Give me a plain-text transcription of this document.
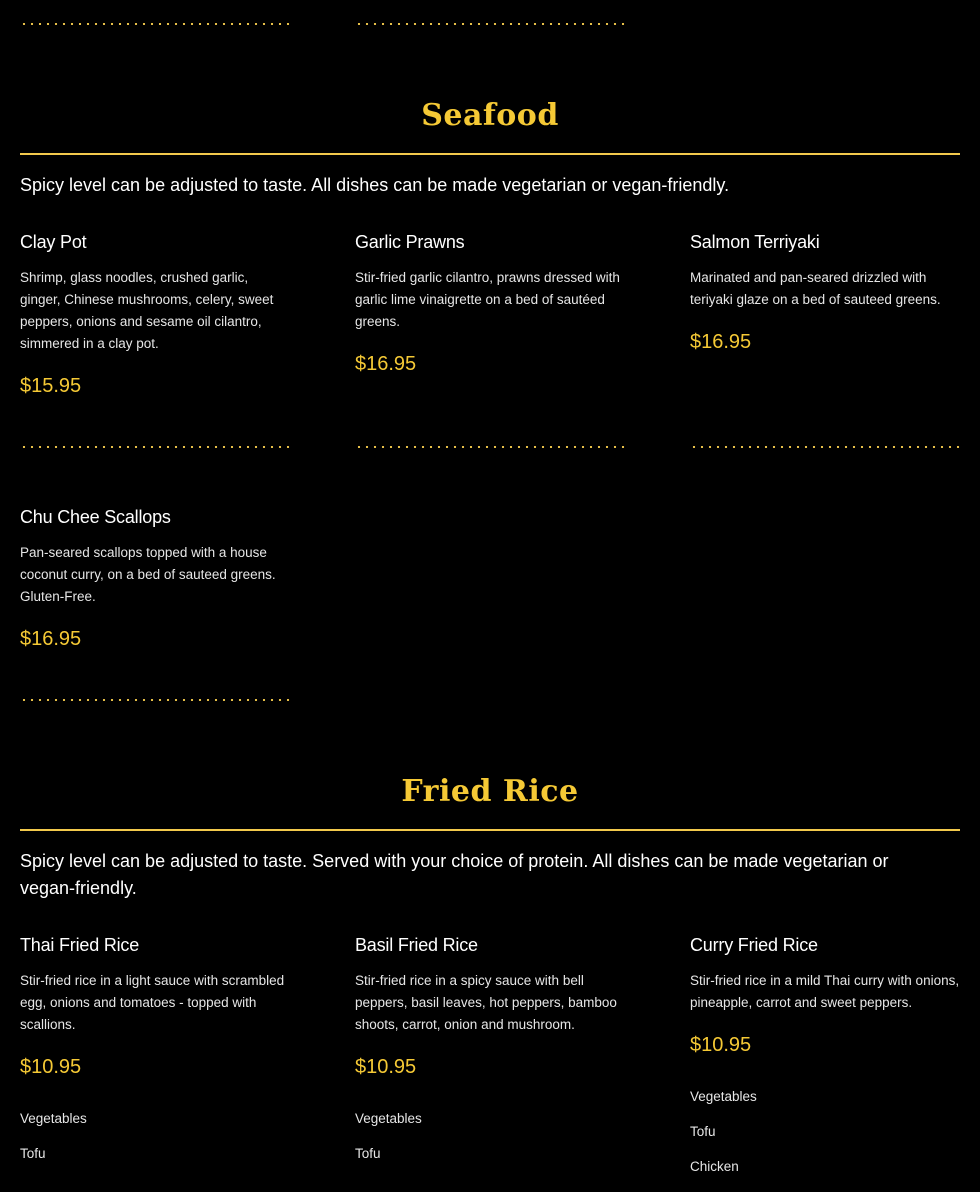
Seafood

Spicy level can be adjusted to taste. All dishes can be made vegetarian or vegan-friendly.

Clay Pot
Shrimp, glass noodles, crushed garlic, ginger, Chinese mushrooms, celery, sweet peppers, onions and sesame oil cilantro, simmered in a clay pot.
$15.95
Garlic Prawns
Stir-fried garlic cilantro, prawns dressed with garlic lime vinaigrette on a bed of sautéed greens.
$16.95
Salmon Terriyaki
Marinated and pan-seared drizzled with teriyaki glaze on a bed of sauteed greens.
$16.95
Chu Chee Scallops
Pan-seared scallops topped with a house coconut curry, on a bed of sauteed greens. Gluten-Free.
$16.95
Fried Rice

Spicy level can be adjusted to taste. Served with your choice of protein. All dishes can be made vegetarian or vegan-friendly.

Thai Fried Rice
Stir-fried rice in a light sauce with scrambled egg, onions and tomatoes - topped with scallions.
$10.95
Vegetables
Tofu
Basil Fried Rice
Stir-fried rice in a spicy sauce with bell peppers, basil leaves, hot peppers, bamboo shoots, carrot, onion and mushroom.
$10.95
Vegetables
Tofu
Curry Fried Rice
Stir-fried rice in a mild Thai curry with onions, pineapple, carrot and sweet peppers.
$10.95
Vegetables
Tofu
Chicken
